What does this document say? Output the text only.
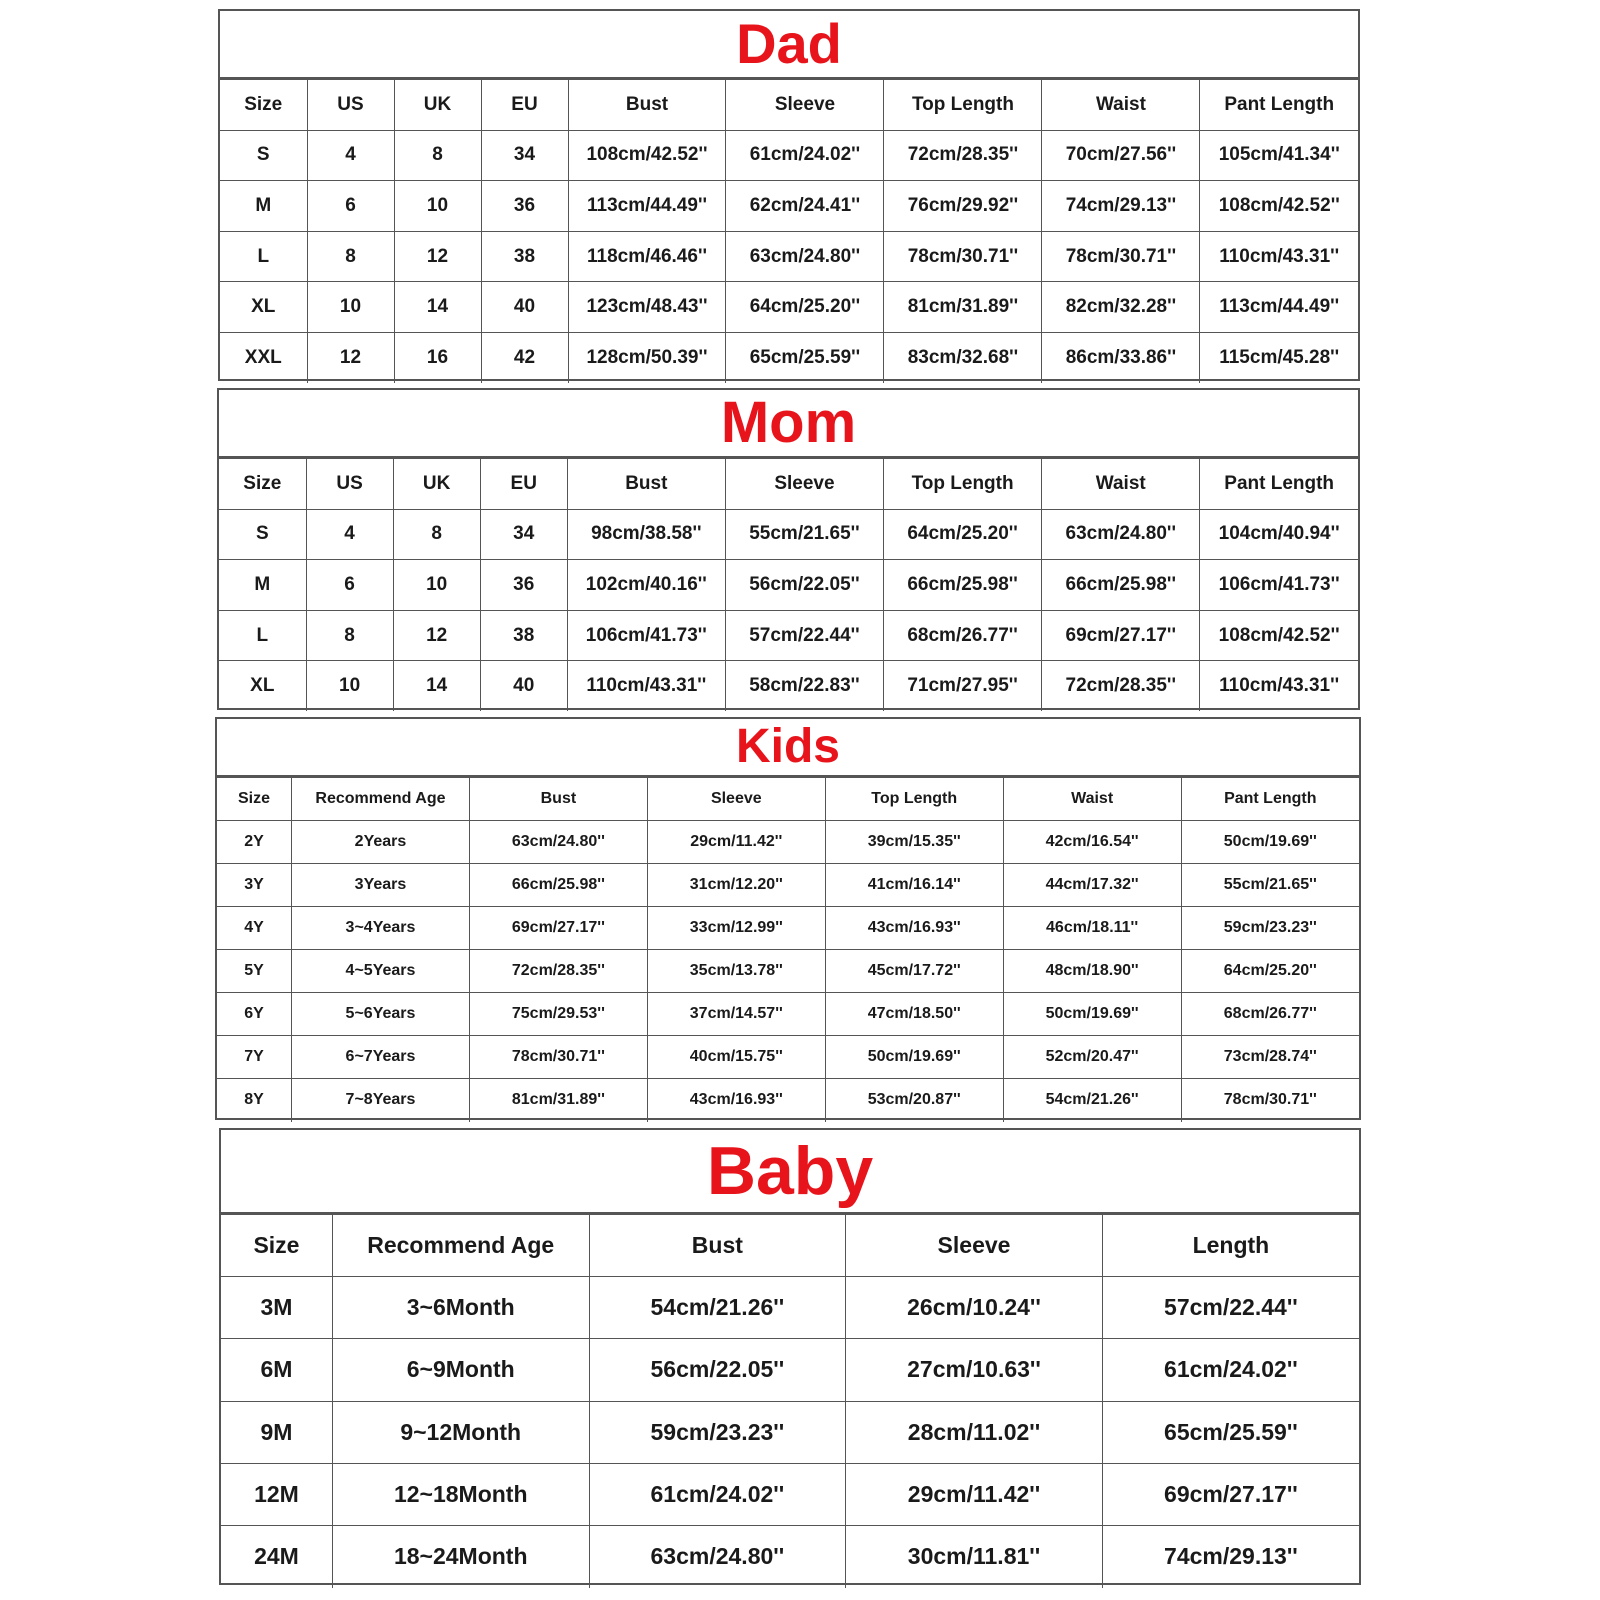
Dad
Size	US	UK	EU	Bust	Sleeve	Top Length	Waist	Pant Length
S	4	8	34	108cm/42.52''	61cm/24.02''	72cm/28.35''	70cm/27.56''	105cm/41.34''
M	6	10	36	113cm/44.49''	62cm/24.41''	76cm/29.92''	74cm/29.13''	108cm/42.52''
L	8	12	38	118cm/46.46''	63cm/24.80''	78cm/30.71''	78cm/30.71''	110cm/43.31''
XL	10	14	40	123cm/48.43''	64cm/25.20''	81cm/31.89''	82cm/32.28''	113cm/44.49''
XXL	12	16	42	128cm/50.39''	65cm/25.59''	83cm/32.68''	86cm/33.86''	115cm/45.28''
Mom
Size	US	UK	EU	Bust	Sleeve	Top Length	Waist	Pant Length
S	4	8	34	98cm/38.58''	55cm/21.65''	64cm/25.20''	63cm/24.80''	104cm/40.94''
M	6	10	36	102cm/40.16''	56cm/22.05''	66cm/25.98''	66cm/25.98''	106cm/41.73''
L	8	12	38	106cm/41.73''	57cm/22.44''	68cm/26.77''	69cm/27.17''	108cm/42.52''
XL	10	14	40	110cm/43.31''	58cm/22.83''	71cm/27.95''	72cm/28.35''	110cm/43.31''
Kids
Size	Recommend Age	Bust	Sleeve	Top Length	Waist	Pant Length
2Y	2Years	63cm/24.80''	29cm/11.42''	39cm/15.35''	42cm/16.54''	50cm/19.69''
3Y	3Years	66cm/25.98''	31cm/12.20''	41cm/16.14''	44cm/17.32''	55cm/21.65''
4Y	3~4Years	69cm/27.17''	33cm/12.99''	43cm/16.93''	46cm/18.11''	59cm/23.23''
5Y	4~5Years	72cm/28.35''	35cm/13.78''	45cm/17.72''	48cm/18.90''	64cm/25.20''
6Y	5~6Years	75cm/29.53''	37cm/14.57''	47cm/18.50''	50cm/19.69''	68cm/26.77''
7Y	6~7Years	78cm/30.71''	40cm/15.75''	50cm/19.69''	52cm/20.47''	73cm/28.74''
8Y	7~8Years	81cm/31.89''	43cm/16.93''	53cm/20.87''	54cm/21.26''	78cm/30.71''
Baby
Size	Recommend Age	Bust	Sleeve	Length
3M	3~6Month	54cm/21.26''	26cm/10.24''	57cm/22.44''
6M	6~9Month	56cm/22.05''	27cm/10.63''	61cm/24.02''
9M	9~12Month	59cm/23.23''	28cm/11.02''	65cm/25.59''
12M	12~18Month	61cm/24.02''	29cm/11.42''	69cm/27.17''
24M	18~24Month	63cm/24.80''	30cm/11.81''	74cm/29.13''
